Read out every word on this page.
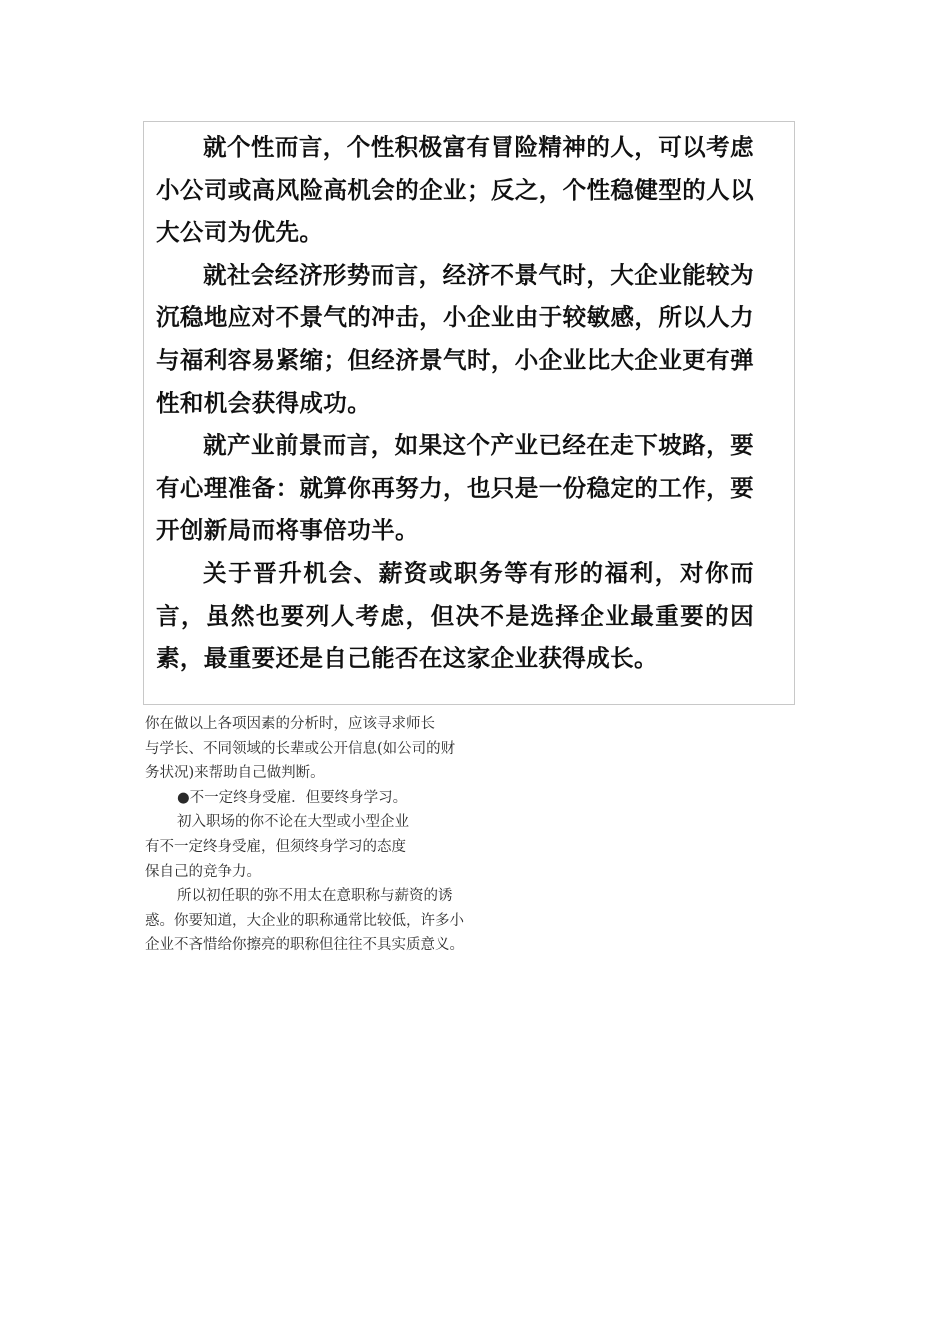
就个性而言，个性积极富有冒险精神的人，可以考虑小公司或高风险高机会的企业；反之，个性稳健型的人以大公司为优先。

就社会经济形势而言，经济不景气时，大企业能较为沉稳地应对不景气的冲击，小企业由于较敏感，所以人力与福利容易紧缩；但经济景气时，小企业比大企业更有弹性和机会获得成功。

就产业前景而言，如果这个产业已经在走下坡路，要有心理准备：就算你再努力，也只是一份稳定的工作，要开创新局而将事倍功半。

关于晋升机会、薪资或职务等有形的福利，对你而言，虽然也要列人考虑，但决不是选择企业最重要的因素，最重要还是自己能否在这家企业获得成长。

你在做以上各项因素的分析时，应该寻求师长
与学长、不同领域的长辈或公开信息(如公司的财
务状况)来帮助自己做判断。
●不一定终身受雇．但要终身学习。
初入职场的你不论在大型或小型企业
有不一定终身受雇，但须终身学习的态度
保自己的竞争力。
所以初任职的弥不用太在意职称与薪资的诱
惑。你要知道，大企业的职称通常比较低，许多小
企业不吝惜给你擦亮的职称但往往不具实质意义。
